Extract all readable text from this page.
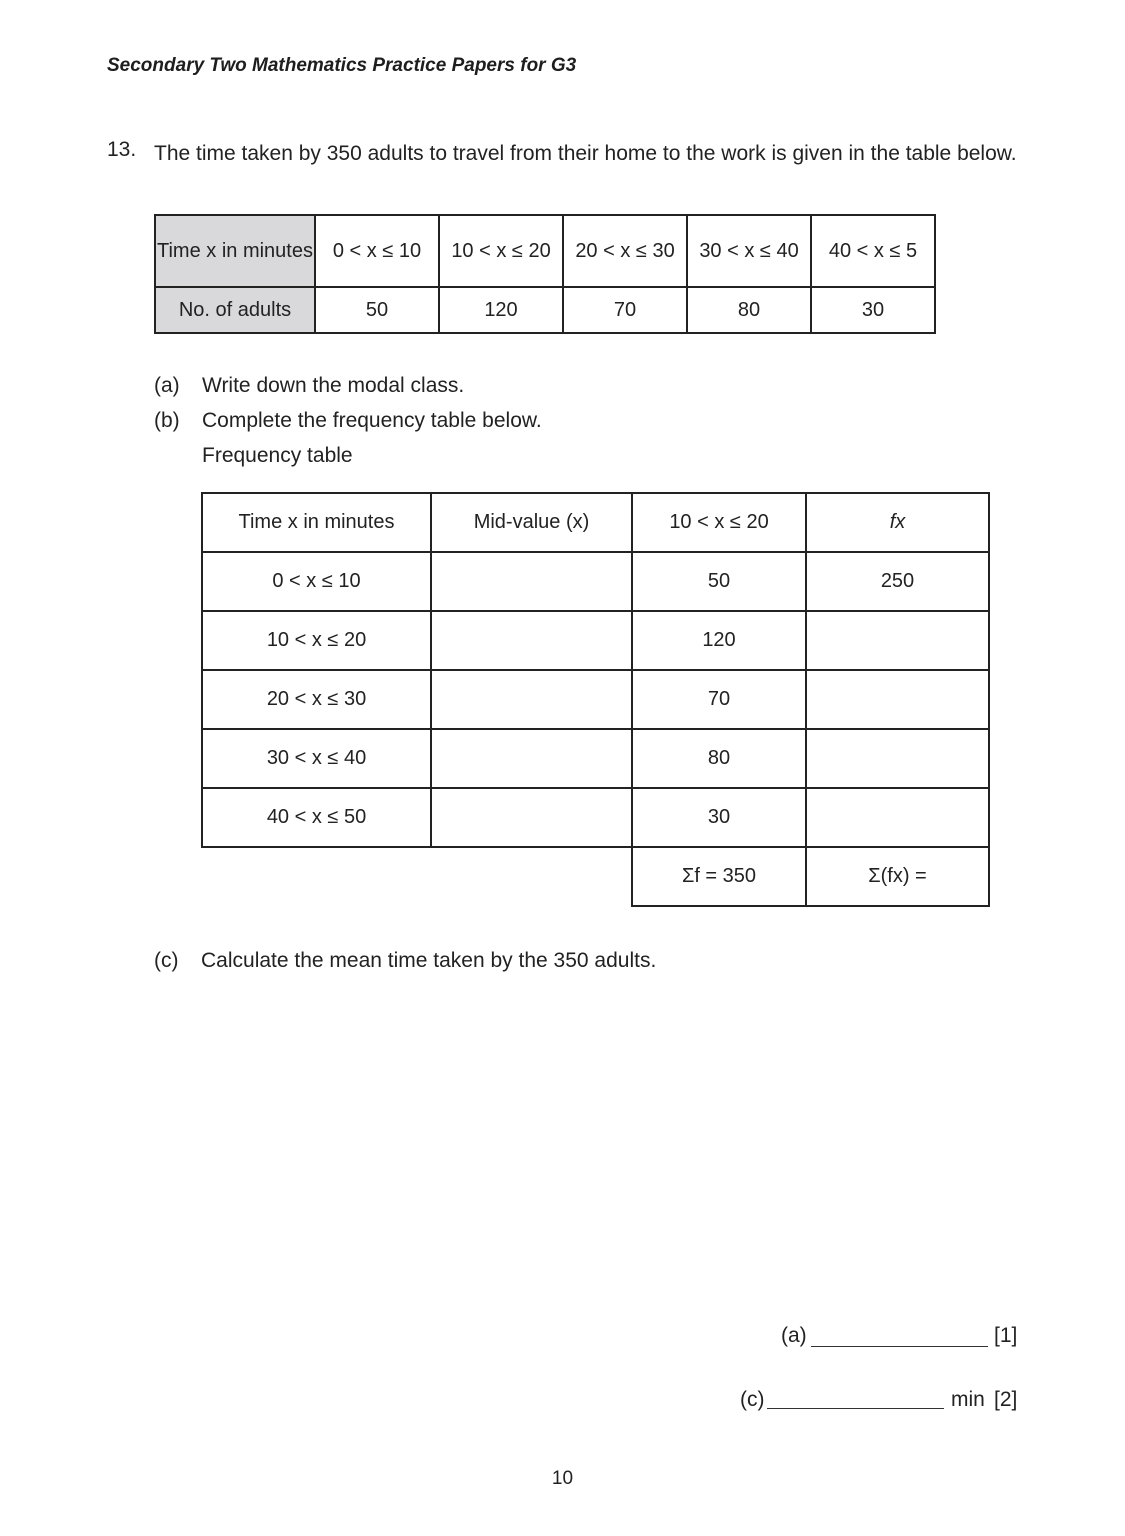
Secondary Two Mathematics Practice Papers for G3
13. The time taken by 350 adults to travel from their home to the work is given in the table below.
Time x in minutes	0 < x ≤ 10	10 < x ≤ 20	20 < x ≤ 30	30 < x ≤ 40	40 < x ≤ 5
No. of adults	50	120	70	80	30
(a) Write down the modal class.
(b) Complete the frequency table below.
Frequency table
Time x in minutes	Mid-value (x)	10 < x ≤ 20	fx
0 < x ≤ 10		50	250
10 < x ≤ 20		120	
20 < x ≤ 30		70	
30 < x ≤ 40		80	
40 < x ≤ 50		30	
		Σf = 350	Σ(fx) =
(c) Calculate the mean time taken by the 350 adults.
(a)	[1]
(c)	min [2]
10
